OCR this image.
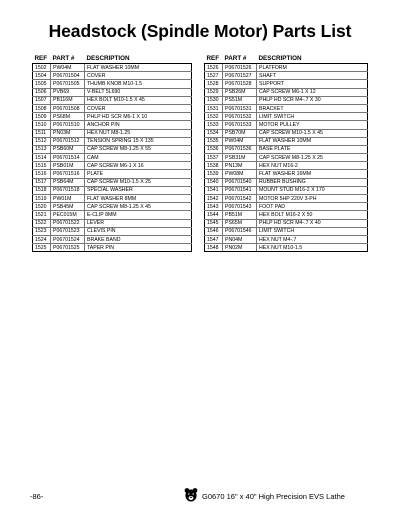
Headstock (Spindle Motor) Parts List
REF	PART #	DESCRIPTION
1502	PW04M	FLAT WASHER 10MM
1504	P06701504	COVER
1505	P06701505	THUMB KNOB M10-1.5
1506	PVB69	V-BELT 5L690
1507	PB116M	HEX BOLT M10-1.5 X 45
1508	P06701508	COVER
1509	PS68M	PHLP HD SCR M6-1 X 10
1510	P06701510	ANCHOR PIN
1511	PN03M	HEX NUT M8-1.25
1512	P06701512	TENSION SPRING 15 X 135
1513	PSB60M	CAP SCREW M8-1.25 X 55
1514	P06701514	CAM
1515	PSB01M	CAP SCREW M6-1 X 16
1516	P06701516	PLATE
1517	PSB64M	CAP SCREW M10-1.5 X 25
1518	P06701518	SPECIAL WASHER
1519	PW01M	FLAT WASHER 8MM
1520	PSB45M	CAP SCREW M8-1.25 X 45
1521	PEC015M	E-CLIP 8MM
1522	P06701522	LEVER
1523	P06701523	CLEVIS PIN
1524	P06701524	BRAKE BAND
1525	P06701525	TAPER PIN
REF	PART #	DESCRIPTION
1526	P06701526	PLATFORM
1527	P06701527	SHAFT
1528	P06701528	SUPPORT
1529	PSB26M	CAP SCREW M6-1 X 12
1530	PS51M	PHLP HD SCR M4-.7 X 30
1531	P06701531	BRACKET
1532	P06701532	LIMIT SWITCH
1533	P06701533	MOTOR PULLEY
1534	PSB70M	CAP SCREW M10-1.5 X 45
1535	PW04M	FLAT WASHER 10MM
1536	P06701536	BASE PLATE
1537	PSB31M	CAP SCREW M8-1.25 X 25
1538	PN13M	HEX NUT M16-2
1539	PW08M	FLAT WASHER 16MM
1540	P06701540	RUBBER BUSHING
1541	P06701541	MOUNT STUD M16-2 X 170
1542	P06701542	MOTOR 5HP 220V 3-PH
1543	P06701543	FOOT PAD
1544	PB51M	HEX BOLT M16-2 X 50
1545	PS65M	PHLP HD SCR M4-.7 X 40
1546	P06701546	LIMIT SWITCH
1547	PN04M	HEX NUT M4-.7
1548	PN02M	HEX NUT M10-1.5
-86-	G0670 16" x 40" High Precision EVS Lathe
